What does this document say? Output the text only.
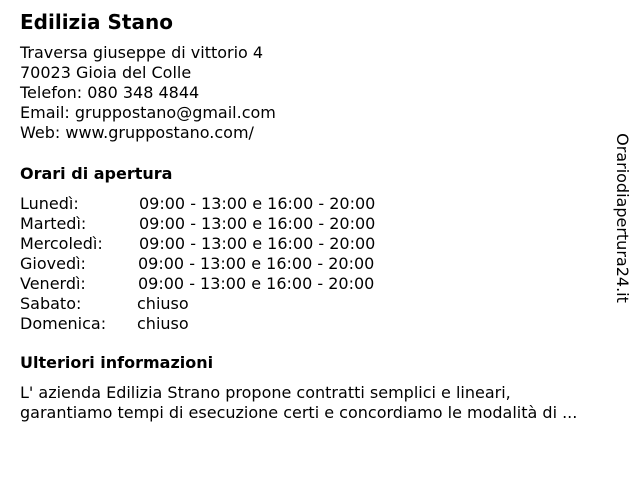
Edilizia Stano
Traversa giuseppe di vittorio 4
70023 Gioia del Colle
Telefon: 080 348 4844
Email: gruppostano@gmail.com
Web: www.gruppostano.com/
Orari di apertura
Lunedì:	09:00 - 13:00 e 16:00 - 20:00
Martedì:	09:00 - 13:00 e 16:00 - 20:00
Mercoledì: 09:00 - 13:00 e 16:00 - 20:00
Giovedì:	09:00 - 13:00 e 16:00 - 20:00
Venerdì:	09:00 - 13:00 e 16:00 - 20:00
Sabato:	chiuso
Domenica: chiuso
Ulteriori informazioni
L' azienda Edilizia Strano propone contratti semplici e lineari,
garantiamo tempi di esecuzione certi e concordiamo le modalità di ...
Orariodiapertura24.it
